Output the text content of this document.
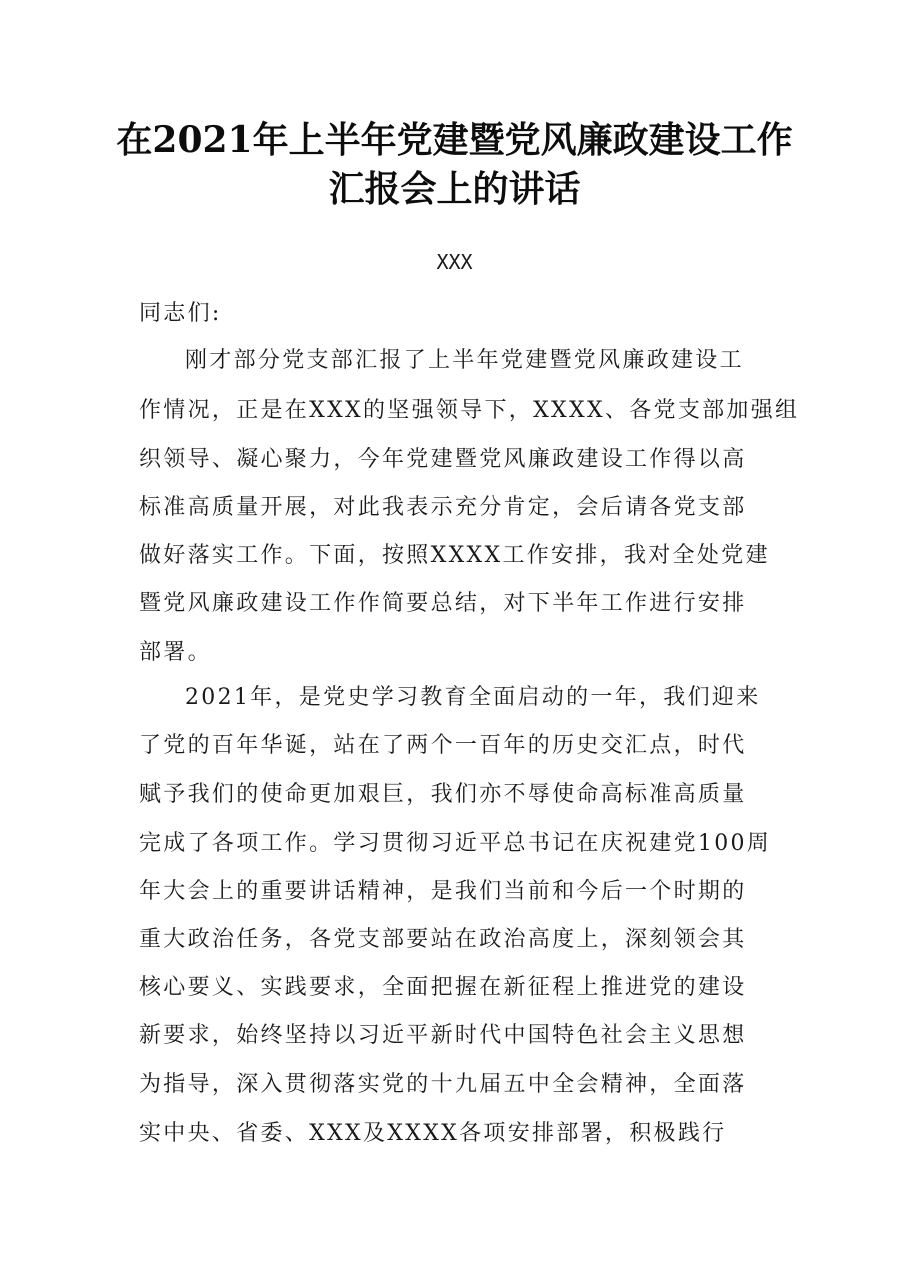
在2021年上半年党建暨党风廉政建设工作
汇报会上的讲话
XXX
同志们:
刚才部分党支部汇报了上半年党建暨党风廉政建设工
作情况，正是在XXX的坚强领导下，XXXX、各党支部加强组
织领导、凝心聚力，今年党建暨党风廉政建设工作得以高
标准高质量开展，对此我表示充分肯定，会后请各党支部
做好落实工作。下面，按照XXXX工作安排，我对全处党建
暨党风廉政建设工作作简要总结，对下半年工作进行安排
部署。
2021年，是党史学习教育全面启动的一年，我们迎来
了党的百年华诞，站在了两个一百年的历史交汇点，时代
赋予我们的使命更加艰巨，我们亦不辱使命高标准高质量
完成了各项工作。学习贯彻习近平总书记在庆祝建党100周
年大会上的重要讲话精神，是我们当前和今后一个时期的
重大政治任务，各党支部要站在政治高度上，深刻领会其
核心要义、实践要求，全面把握在新征程上推进党的建设
新要求，始终坚持以习近平新时代中国特色社会主义思想
为指导，深入贯彻落实党的十九届五中全会精神，全面落
实中央、省委、XXX及XXXX各项安排部署，积极践行
